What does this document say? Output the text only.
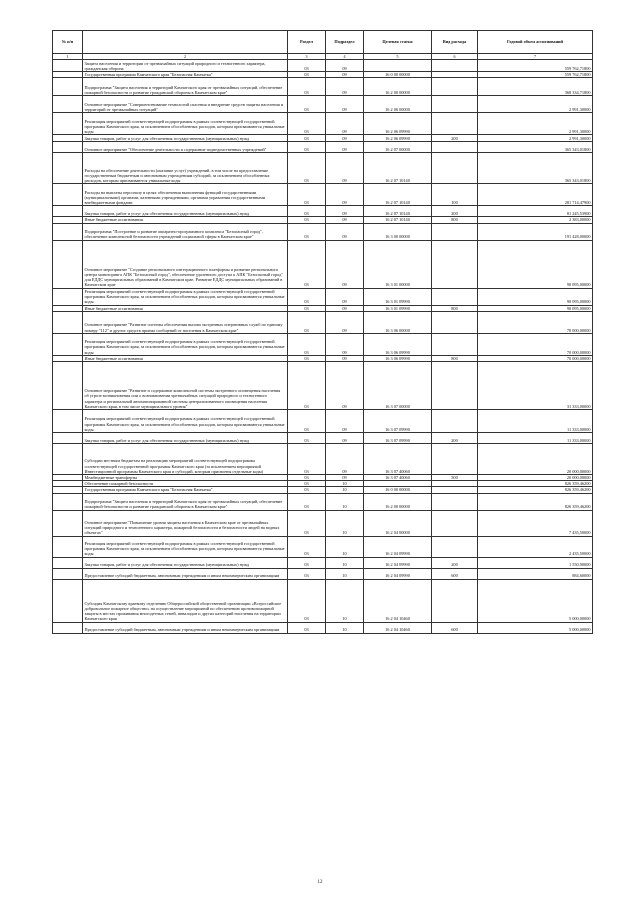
№ п/п		Раздел	Подраздел	Целевая статья	Вид расхода	Годовой объем ассигнований
1	2	3	4	5	6	7
	Защита населения и территории от чрезвычайных ситуаций природного и техногенного характера, гражданская оборона	03	09			559 762,71800
	Государственная программа Камчатского края "Безопасная Камчатка"	03	09	16 0 00 00000		559 762,71800
	Подпрограмма "Защита населения и территорий Камчатского края от чрезвычайных ситуаций, обеспечение пожарной безопасности и развитие гражданской обороны в Камчатском крае"	03	09	16 2 00 00000		368 334,71800
	Основное мероприятие "Совершенствование технологий спасения и внедрение средств защиты населения и территорий от чрезвычайных ситуаций"	03	09	16 2 06 00000		2 991,30000
	Реализация мероприятий соответствующей подпрограммы в рамках соответствующей государственной программы Камчатского края, за исключением обособленных расходов, которым присваиваются уникальные коды	03	09	16 2 06 09990		2 991,30000
	Закупка товаров, работ и услуг для обеспечения государственных (муниципальных) нужд	03	09	16 2 06 09990	200	2 991,30000
	Основное мероприятие "Обеспечение деятельности и содержание подведомственных учреждений"	03	09	16 2 07 00000		365 343,01800
	Расходы на обеспечение деятельности (оказание услуг) учреждений, в том числе на предоставление государственным бюджетным и автономным учреждениям субсидий, за исключением обособленных расходов, которым присваиваются уникальные коды	03	09	16 2 07 10140		365 343,01800
	Расходы на выплаты персоналу в целях обеспечения выполнения функций государственными (муниципальными) органами, казенными учреждениями, органами управления государственными внебюджетными фондами	03	09	16 2 07 10140	100	281 714,47900
	Закупка товаров, работ и услуг для обеспечения государственных (муниципальных) нужд	03	09	16 2 07 10140	200	81 245,53900
	Иные бюджетные ассигнования	03	09	16 2 07 10140	800	2 383,00000
	Подпрограмма "Построение и развитие аппаратно-программного комплекса "Безопасный город", обеспечение комплексной безопасности учреждений социальной сферы в Камчатском крае"	03	09	16 3 00 00000		191 428,00000
	Основное мероприятие "Создание регионального интеграционного платформы и развитие регионального центра мониторинга АПК "Безопасный город", обеспечение удаленного доступа к АПК "Безопасный город" для ЕДДС муниципальных образований в Камчатском крае. Развитие ЕДДС муниципальных образований в Камчатском крае	03	09	16 3 01 00000		90 095,00000
	Реализация мероприятий соответствующей подпрограммы в рамках соответствующей государственной программы Камчатского края, за исключением обособленных расходов, которым присваиваются уникальные коды	03	09	16 3 01 09990		90 095,00000
	Иные бюджетные ассигнования	03	09	16 3 01 09990	800	90 095,00000
	Основное мероприятие "Развитие системы обеспечения вызова экстренных оперативных служб по единому номеру "112" и других средств приема сообщений от населения в Камчатском крае"	03	09	16 3 06 00000		70 000,00000
	Реализация мероприятий соответствующей подпрограммы в рамках соответствующей государственной программы Камчатского края, за исключением обособленных расходов, которым присваиваются уникальные коды	03	09	16 3 06 09990		70 000,00000
	Иные бюджетные ассигнования	03	09	16 3 06 09990	800	70 000,00000
	Основное мероприятие "Развитие и содержание комплексной системы экстренного оповещения населения об угрозе возникновения или о возникновении чрезвычайных ситуаций природного и техногенного характера и региональной автоматизированной системы централизованного оповещения населения Камчатского края, в том числе муниципального уровня"	03	09	16 3 07 00000		31 333,00000
	Реализация мероприятий соответствующей подпрограммы в рамках соответствующей государственной программы Камчатского края, за исключением обособленных расходов, которым присваиваются уникальные коды	03	09	16 3 07 09990		11 333,00000
	Закупка товаров, работ и услуг для обеспечения государственных (муниципальных) нужд	03	09	16 3 07 09990	200	11 333,00000
	Субсидии местным бюджетам на реализацию мероприятий соответствующей подпрограммы соответствующей государственной программы Камчатского края (за исключением мероприятий Инвестиционной программы Камчатского края и субсидий, которым присвоены отдельные коды)	03	09	16 3 07 40060		20 000,00000
	Межбюджетные трансферты	03	09	16 3 07 40060	500	20 000,00000
	Обеспечение пожарной безопасности	03	10			826 359,46200
	Государственная программа Камчатского края "Безопасная Камчатка"	03	10	16 0 00 00000		826 359,46200
	Подпрограмма "Защита населения и территорий Камчатского края от чрезвычайных ситуаций, обеспечение пожарной безопасности и развитие гражданской обороны в Камчатском крае"	03	10	16 2 00 00000		826 359,46200
	Основное мероприятие "Повышение уровня защиты населения в Камчатском крае от чрезвычайных ситуаций природного и техногенного характера, пожарной безопасности и безопасности людей на водных объектах"	03	10	16 2 04 00000		7 435,50000
	Реализация мероприятий соответствующей подпрограммы в рамках соответствующей государственной программы Камчатского края, за исключением обособленных расходов, которым присваиваются уникальные коды	03	10	16 2 04 09990		2 435,50000
	Закупка товаров, работ и услуг для обеспечения государственных (муниципальных) нужд	03	10	16 2 04 09990	200	1 550,90000
	Предоставление субсидий бюджетным, автономным учреждениям и иным некоммерческим организациям	03	10	16 2 04 09990	600	884,60000
	Субсидия Камчатскому краевому отделению Общероссийской общественной организации «Всероссийское добровольное пожарное общество» на осуществление мероприятий по обеспечению противопожарной защиты в местах проживания многодетных семей, инвалидов и других категорий населения на территории Камчатского края	03	10	16 2 04 10460		5 000,00000
	Предоставление субсидий бюджетным, автономным учреждениям и иным некоммерческим организациям	03	10	16 2 04 10460	600	5 000,00000
12
